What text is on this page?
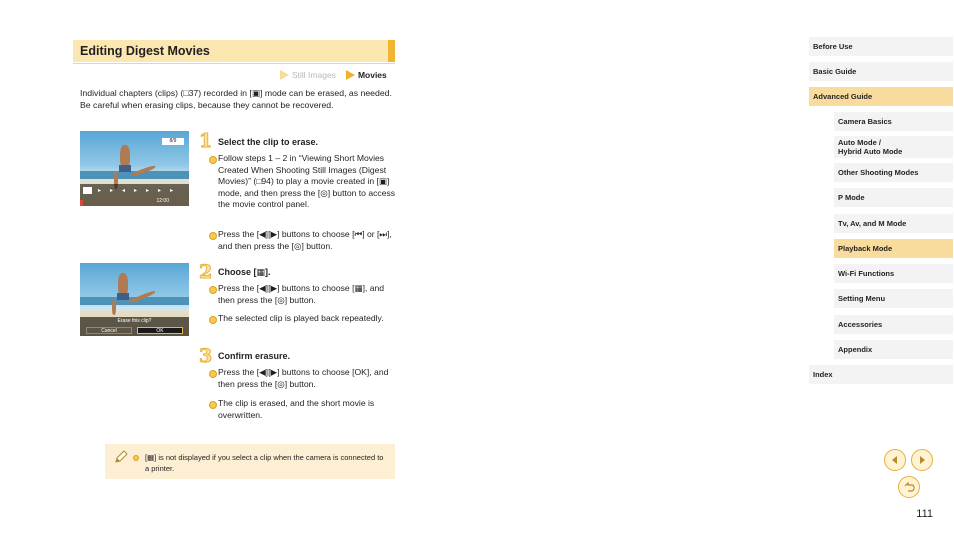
Editing Digest Movies
Still Images	Movies

Individual chapters (clips) (□37) recorded in [▣] mode can be erased, as needed. Be careful when erasing clips, because they cannot be recovered.

8/9
▸▸◂▸▸▸▸
12:00
1 Select the clip to erase.
Follow steps 1 – 2 in “Viewing Short Movies Created When Shooting Still Images (Digest Movies)” (□94) to play a movie created in [▣] mode, and then press the [◎] button to access the movie control panel.
Press the [◀][▶] buttons to choose [⏮] or [⏭], and then press the [◎] button.
Erase this clip?
Cancel	OK
2 Choose [▦].
Press the [◀][▶] buttons to choose [▦], and then press the [◎] button.
The selected clip is played back repeatedly.
3 Confirm erasure.
Press the [◀][▶] buttons to choose [OK], and then press the [◎] button.
The clip is erased, and the short movie is overwritten.

[▦] is not displayed if you select a clip when the camera is connected to a printer.

Before Use
Basic Guide
Advanced Guide
Camera Basics
Auto Mode /
Hybrid Auto Mode
Other Shooting Modes
P Mode
Tv, Av, and M Mode
Playback Mode
Wi-Fi Functions
Setting Menu
Accessories
Appendix
Index
111
